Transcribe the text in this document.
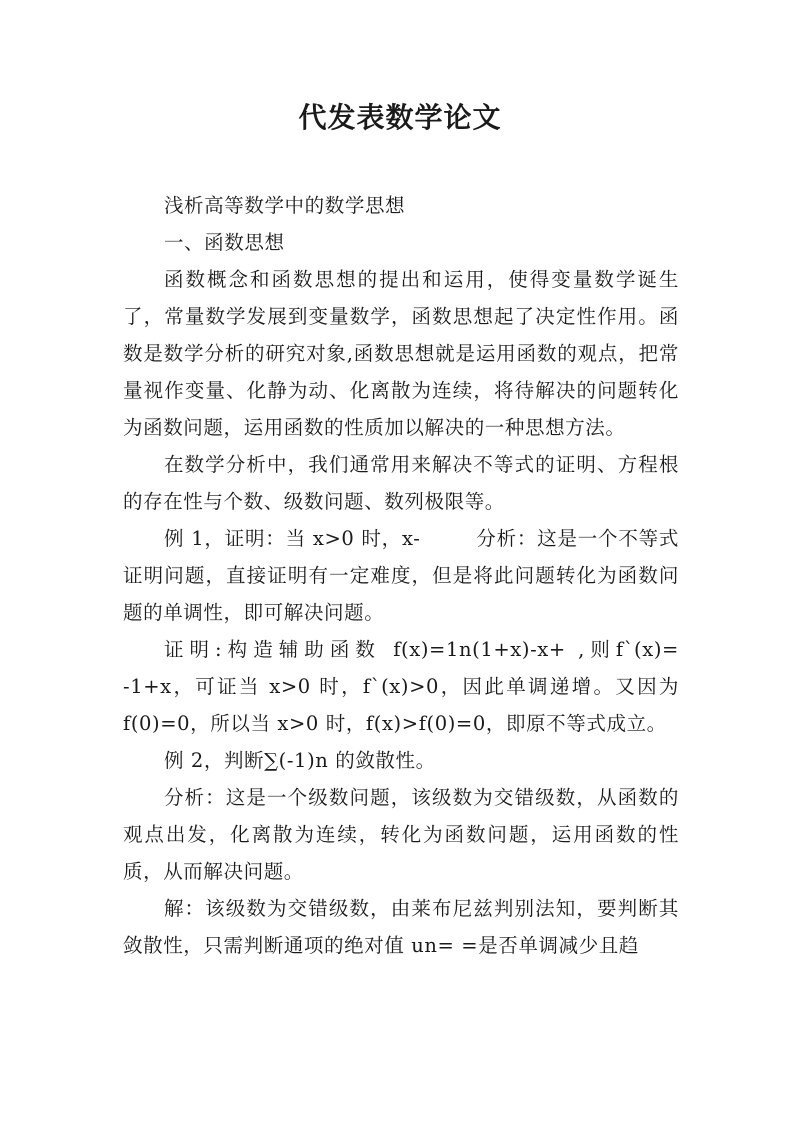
代发表数学论文

浅析高等数学中的数学思想

一、函数思想

函数概念和函数思想的提出和运用，使得变量数学诞生了，常量数学发展到变量数学，函数思想起了决定性作用。函数是数学分析的研究对象,函数思想就是运用函数的观点，把常量视作变量、化静为动、化离散为连续，将待解决的问题转化为函数问题，运用函数的性质加以解决的一种思想方法。

在数学分析中，我们通常用来解决不等式的证明、方程根的存在性与个数、级数问题、数列极限等。

例 1，证明：当 x>0 时，x-        分析：这是一个不等式证明问题，直接证明有一定难度，但是将此问题转化为函数问题的单调性，即可解决问题。

证明:构造辅助函数 f(x)=1n(1+x)-x+ ,则f`(x)= -1+x，可证当 x>0 时，f`(x)>0，因此单调递增。又因为 f(0)=0，所以当 x>0 时，f(x)>f(0)=0，即原不等式成立。

例 2，判断∑(-1)n 的敛散性。

分析：这是一个级数问题，该级数为交错级数，从函数的观点出发，化离散为连续，转化为函数问题，运用函数的性质，从而解决问题。

解：该级数为交错级数，由莱布尼兹判别法知，要判断其敛散性，只需判断通项的绝对值 un= =是否单调减少且趋
